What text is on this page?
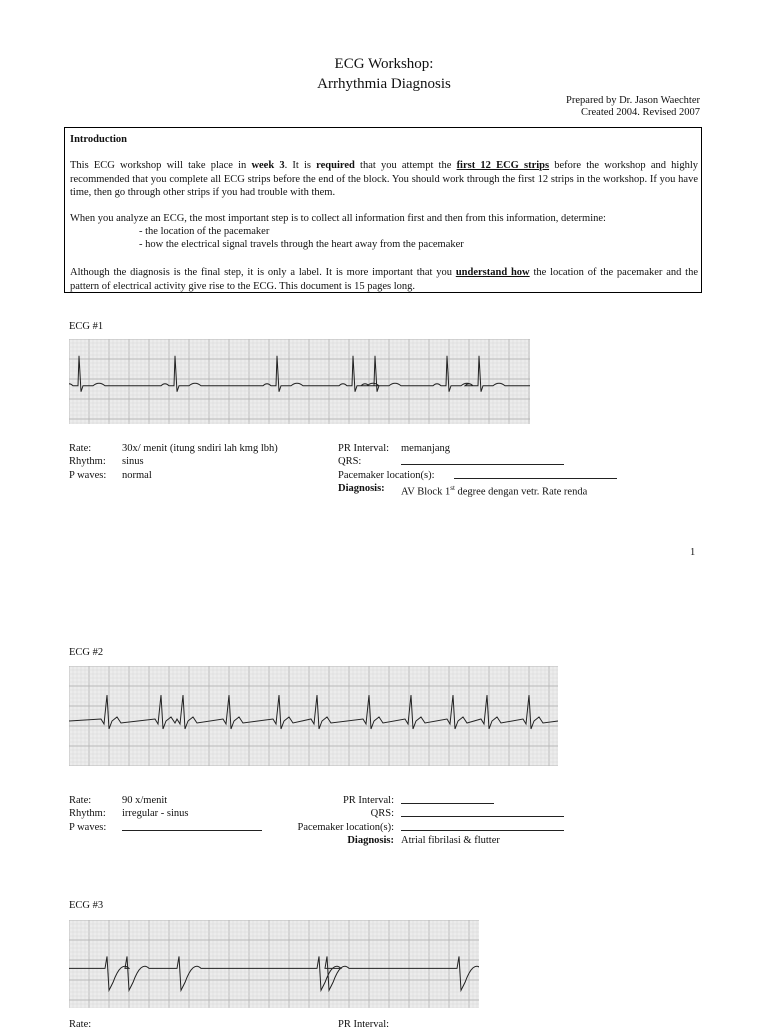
ECG Workshop:
Arrhythmia Diagnosis
Prepared by Dr. Jason Waechter
Created 2004. Revised 2007
Introduction
This ECG workshop will take place in week 3. It is required that you attempt the first 12 ECG strips before the workshop and highly recommended that you complete all ECG strips before the end of the block. You should work through the first 12 strips in the workshop. If you have time, then go through other strips if you had trouble with them.
When you analyze an ECG, the most important step is to collect all information first and then from this information, determine:
- the location of the pacemaker
- how the electrical signal travels through the heart away from the pacemaker
Although the diagnosis is the final step, it is only a label. It is more important that you understand how the location of the pacemaker and the pattern of electrical activity give rise to the ECG. This document is 15 pages long.
ECG #1
Rate:	30x/ menit (itung sndiri lah kmg lbh)
Rhythm: sinus
P waves: normal
PR Interval: memanjang
QRS:
Pacemaker location(s):
Diagnosis: AV Block 1st degree dengan vetr. Rate renda
1
ECG #2
Rate:	90 x/menit
Rhythm: irregular - sinus
P waves:
PR Interval:
QRS:
Pacemaker location(s):
Diagnosis: Atrial fibrilasi & flutter
ECG #3
Rate:	PR Interval:
